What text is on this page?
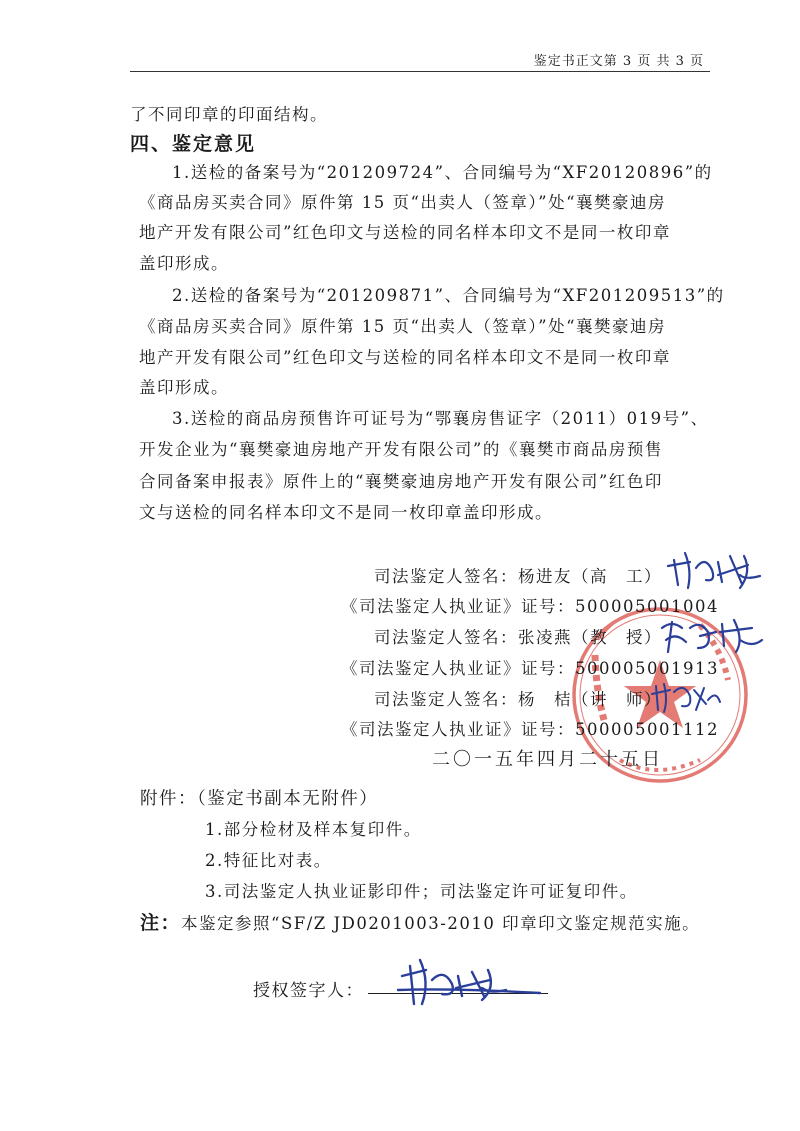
鉴定书正文第 3 页 共 3 页
了不同印章的印面结构。
四、鉴定意见
1.送检的备案号为“201209724”、合同编号为“XF20120896”的
《商品房买卖合同》原件第 15 页“出卖人（签章）”处“襄樊豪迪房
地产开发有限公司”红色印文与送检的同名样本印文不是同一枚印章
盖印形成。
2.送检的备案号为“201209871”、合同编号为“XF201209513”的
《商品房买卖合同》原件第 15 页“出卖人（签章）”处“襄樊豪迪房
地产开发有限公司”红色印文与送检的同名样本印文不是同一枚印章
盖印形成。
3.送检的商品房预售许可证号为“鄂襄房售证字（2011）019号”、
开发企业为“襄樊豪迪房地产开发有限公司”的《襄樊市商品房预售
合同备案申报表》原件上的“襄樊豪迪房地产开发有限公司”红色印
文与送检的同名样本印文不是同一枚印章盖印形成。
司法鉴定人签名：杨进友（高　工）
《司法鉴定人执业证》证号：500005001004
司法鉴定人签名：张凌燕（教　授）
《司法鉴定人执业证》证号：500005001913
司法鉴定人签名：杨　桔（讲　师）
《司法鉴定人执业证》证号：500005001112
二〇一五年四月二十五日
附件：（鉴定书副本无附件）
1.部分检材及样本复印件。
2.特征比对表。
3.司法鉴定人执业证影印件；司法鉴定许可证复印件。
注：本鉴定参照“SF/Z JD0201003-2010 印章印文鉴定规范实施。
授权签字人：
